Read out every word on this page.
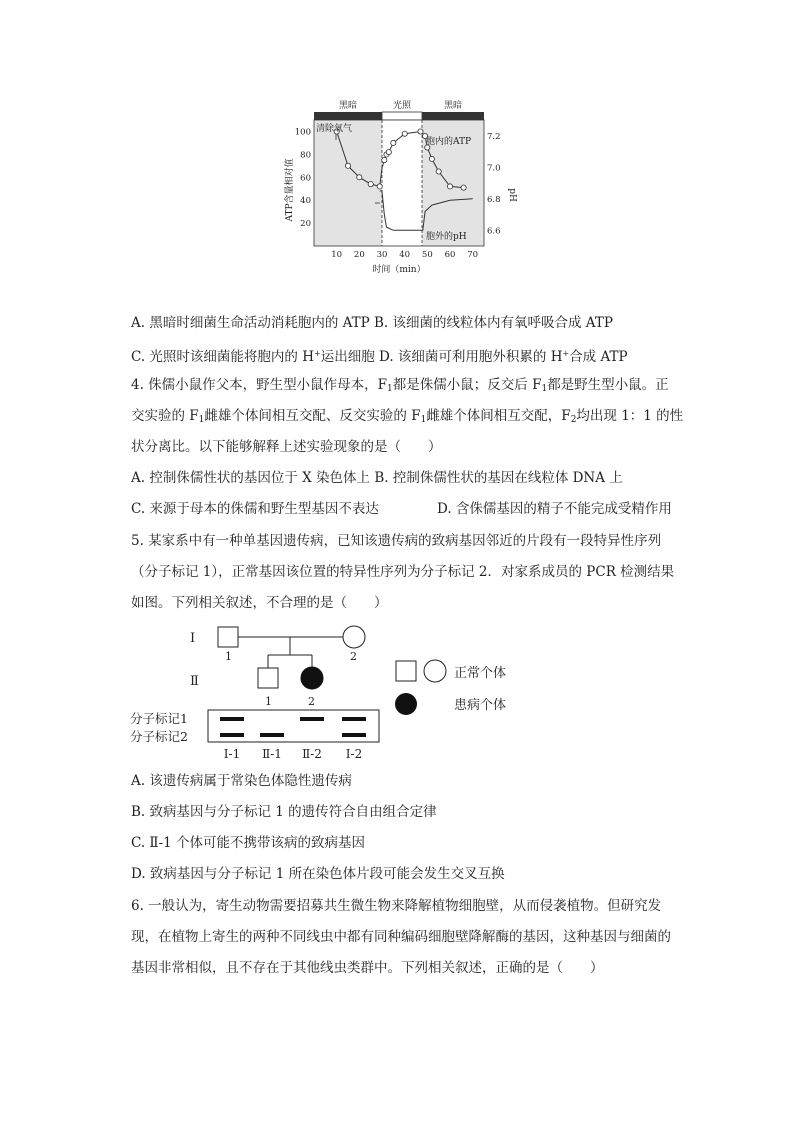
黑暗	光照	黑暗
清除氧气
胞内的ATP
胞外的pH
100
80
60
40
20
7.2
7.0
6.8
6.6
10 20 30 40 50 60 70
ATP含量相对值	pH
时间（min）
A. 黑暗时细菌生命活动消耗胞内的 ATP B. 该细菌的线粒体内有氧呼吸合成 ATP
C. 光照时该细菌能将胞内的 H+运出细胞 D. 该细菌可利用胞外积累的 H+合成 ATP
4. 侏儒小鼠作父本，野生型小鼠作母本，$F_1$都是侏儒小鼠；反交后 $F_1$都是野生型小鼠。正
交实验的 $F_1$雌雄个体间相互交配、反交实验的 $F_1$雌雄个体间相互交配，$F_2$均出现 1：1 的性
状分离比。以下能够解释上述实验现象的是（　　）
A. 控制侏儒性状的基因位于 X 染色体上 B. 控制侏儒性状的基因在线粒体 DNA 上
C. 来源于母本的侏儒和野生型基因不表达	D. 含侏儒基因的精子不能完成受精作用
5. 某家系中有一种单基因遗传病，已知该遗传病的致病基因邻近的片段有一段特异性序列
（分子标记 1），正常基因该位置的特异性序列为分子标记 2．对家系成员的 PCR 检测结果
如图。下列相关叙述，不合理的是（　　）
Ⅰ
1	2
Ⅱ
1	2
正常个体
患病个体
分子标记1
分子标记2
Ⅰ-1 Ⅱ-1 Ⅱ-2 Ⅰ-2
A. 该遗传病属于常染色体隐性遗传病
B. 致病基因与分子标记 1 的遗传符合自由组合定律
C. Ⅱ-1 个体可能不携带该病的致病基因
D. 致病基因与分子标记 1 所在染色体片段可能会发生交叉互换
6. 一般认为，寄生动物需要招募共生微生物来降解植物细胞壁，从而侵袭植物。但研究发
现，在植物上寄生的两种不同线虫中都有同种编码细胞壁降解酶的基因，这种基因与细菌的
基因非常相似，且不存在于其他线虫类群中。下列相关叙述，正确的是（　　）
